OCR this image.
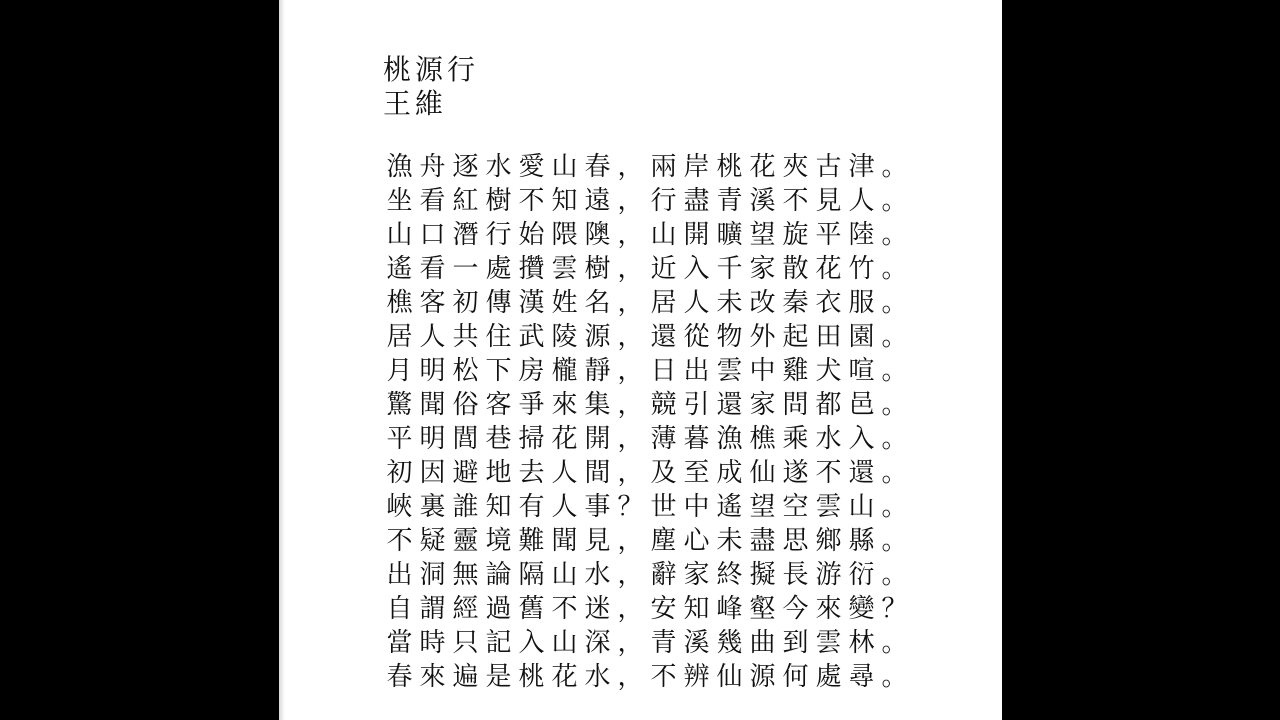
桃源行
王維
漁 舟 逐 水 愛 山 春 ， 兩 岸 桃 花 夾 古 津 。
坐 看 紅 樹 不 知 遠 ， 行 盡 青 溪 不 見 人 。
山 口 潛 行 始 隈 隩 ， 山 開 曠 望 旋 平 陸 。
遙 看 一 處 攢 雲 樹 ， 近 入 千 家 散 花 竹 。
樵 客 初 傳 漢 姓 名 ， 居 人 未 改 秦 衣 服 。
居 人 共 住 武 陵 源 ， 還 從 物 外 起 田 園 。
月 明 松 下 房 櫳 靜 ， 日 出 雲 中 雞 犬 喧 。
驚 聞 俗 客 爭 來 集 ， 競 引 還 家 問 都 邑 。
平 明 閭 巷 掃 花 開 ， 薄 暮 漁 樵 乘 水 入 。
初 因 避 地 去 人 間 ， 及 至 成 仙 遂 不 還 。
峽 裏 誰 知 有 人 事 ？ 世 中 遙 望 空 雲 山 。
不 疑 靈 境 難 聞 見 ， 塵 心 未 盡 思 鄉 縣 。
出 洞 無 論 隔 山 水 ， 辭 家 終 擬 長 游 衍 。
自 謂 經 過 舊 不 迷 ， 安 知 峰 壑 今 來 變 ？
當 時 只 記 入 山 深 ， 青 溪 幾 曲 到 雲 林 。
春 來 遍 是 桃 花 水 ， 不 辨 仙 源 何 處 尋 。
